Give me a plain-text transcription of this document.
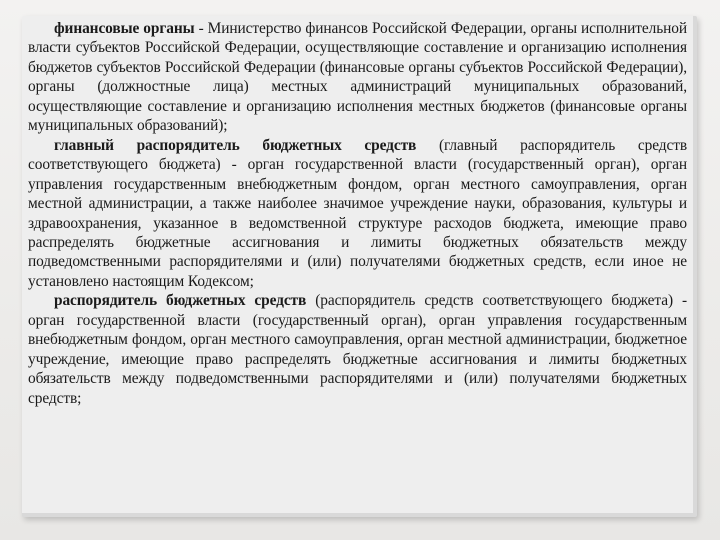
финансовые органы - Министерство финансов Российской Федерации, органы исполнительной власти субъектов Российской Федерации, осуществляющие составление и организацию исполнения бюджетов субъектов Российской Федерации (финансовые органы субъектов Российской Федерации), органы (должностные лица) местных администраций муниципальных образований, осуществляющие составление и организацию исполнения местных бюджетов (финансовые органы муниципальных образований);

главный распорядитель бюджетных средств (главный распорядитель средств соответствующего бюджета) - орган государственной власти (государственный орган), орган управления государственным внебюджетным фондом, орган местного самоуправления, орган местной администрации, а также наиболее значимое учреждение науки, образования, культуры и здравоохранения, указанное в ведомственной структуре расходов бюджета, имеющие право распределять бюджетные ассигнования и лимиты бюджетных обязательств между подведомственными распорядителями и (или) получателями бюджетных средств, если иное не установлено настоящим Кодексом;

распорядитель бюджетных средств (распорядитель средств соответствующего бюджета) - орган государственной власти (государственный орган), орган управления государственным внебюджетным фондом, орган местного самоуправления, орган местной администрации, бюджетное учреждение, имеющие право распределять бюджетные ассигнования и лимиты бюджетных обязательств между подведомственными распорядителями и (или) получателями бюджетных средств;
